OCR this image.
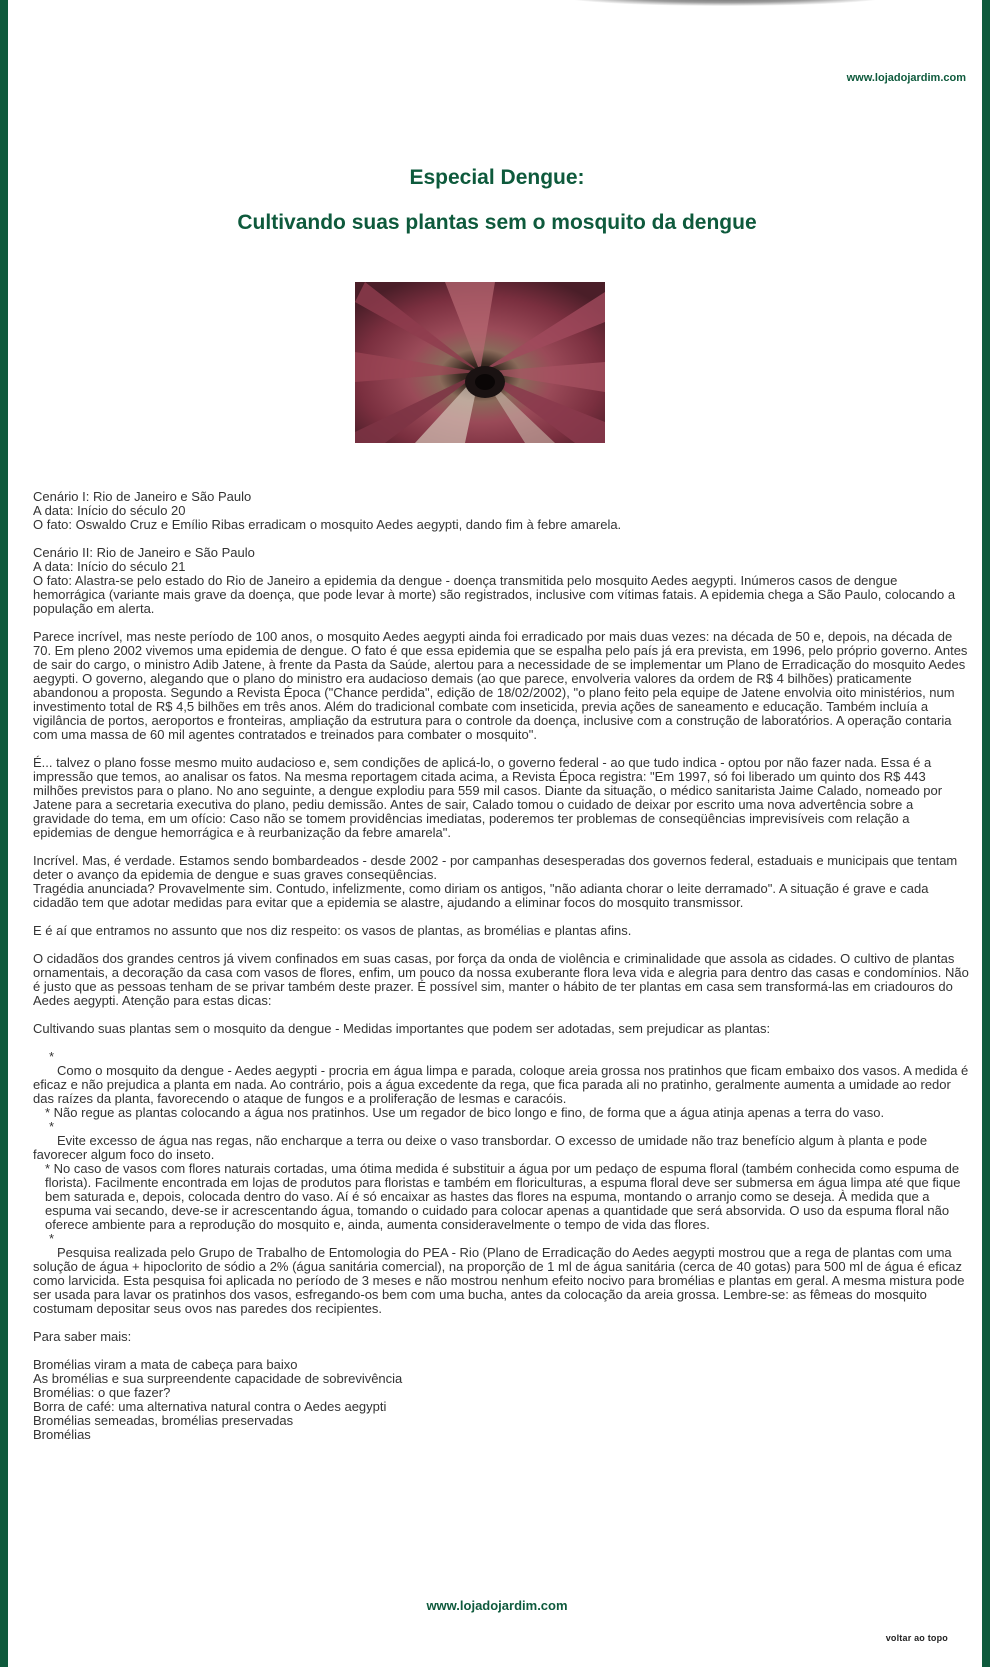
www.lojadojardim.com
Especial Dengue:
Cultivando suas plantas sem o mosquito da dengue

Cenário I: Rio de Janeiro e São Paulo
A data: Início do século 20
O fato: Oswaldo Cruz e Emílio Ribas erradicam o mosquito Aedes aegypti, dando fim à febre amarela.

Cenário II: Rio de Janeiro e São Paulo
A data: Início do século 21
O fato: Alastra-se pelo estado do Rio de Janeiro a epidemia da dengue - doença transmitida pelo mosquito Aedes aegypti. Inúmeros casos de dengue hemorrágica (variante mais grave da doença, que pode levar à morte) são registrados, inclusive com vítimas fatais. A epidemia chega a São Paulo, colocando a população em alerta.

Parece incrível, mas neste período de 100 anos, o mosquito Aedes aegypti ainda foi erradicado por mais duas vezes: na década de 50 e, depois, na década de 70. Em pleno 2002 vivemos uma epidemia de dengue. O fato é que essa epidemia que se espalha pelo país já era prevista, em 1996, pelo próprio governo. Antes de sair do cargo, o ministro Adib Jatene, à frente da Pasta da Saúde, alertou para a necessidade de se implementar um Plano de Erradicação do mosquito Aedes aegypti. O governo, alegando que o plano do ministro era audacioso demais (ao que parece, envolveria valores da ordem de R$ 4 bilhões) praticamente abandonou a proposta. Segundo a Revista Época ("Chance perdida", edição de 18/02/2002), "o plano feito pela equipe de Jatene envolvia oito ministérios, num investimento total de R$ 4,5 bilhões em três anos. Além do tradicional combate com inseticida, previa ações de saneamento e educação. Também incluía a vigilância de portos, aeroportos e fronteiras, ampliação da estrutura para o controle da doença, inclusive com a construção de laboratórios. A operação contaria com uma massa de 60 mil agentes contratados e treinados para combater o mosquito".

É... talvez o plano fosse mesmo muito audacioso e, sem condições de aplicá-lo, o governo federal - ao que tudo indica - optou por não fazer nada. Essa é a impressão que temos, ao analisar os fatos. Na mesma reportagem citada acima, a Revista Época registra: "Em 1997, só foi liberado um quinto dos R$ 443 milhões previstos para o plano. No ano seguinte, a dengue explodiu para 559 mil casos. Diante da situação, o médico sanitarista Jaime Calado, nomeado por Jatene para a secretaria executiva do plano, pediu demissão. Antes de sair, Calado tomou o cuidado de deixar por escrito uma nova advertência sobre a gravidade do tema, em um ofício: Caso não se tomem providências imediatas, poderemos ter problemas de conseqüências imprevisíveis com relação a epidemias de dengue hemorrágica e à reurbanização da febre amarela".

Incrível. Mas, é verdade. Estamos sendo bombardeados - desde 2002 - por campanhas desesperadas dos governos federal, estaduais e municipais que tentam deter o avanço da epidemia de dengue e suas graves conseqüências.
Tragédia anunciada? Provavelmente sim. Contudo, infelizmente, como diriam os antigos, "não adianta chorar o leite derramado". A situação é grave e cada cidadão tem que adotar medidas para evitar que a epidemia se alastre, ajudando a eliminar focos do mosquito transmissor.

E é aí que entramos no assunto que nos diz respeito: os vasos de plantas, as bromélias e plantas afins.

O cidadãos dos grandes centros já vivem confinados em suas casas, por força da onda de violência e criminalidade que assola as cidades. O cultivo de plantas ornamentais, a decoração da casa com vasos de flores, enfim, um pouco da nossa exuberante flora leva vida e alegria para dentro das casas e condomínios. Não é justo que as pessoas tenham de se privar também deste prazer. É possível sim, manter o hábito de ter plantas em casa sem transformá-las em criadouros do Aedes aegypti. Atenção para estas dicas:

Cultivando suas plantas sem o mosquito da dengue - Medidas importantes que podem ser adotadas, sem prejudicar as plantas:

*
Como o mosquito da dengue - Aedes aegypti - procria em água limpa e parada, coloque areia grossa nos pratinhos que ficam embaixo dos vasos. A medida é eficaz e não prejudica a planta em nada. Ao contrário, pois a água excedente da rega, que fica parada ali no pratinho, geralmente aumenta a umidade ao redor das raízes da planta, favorecendo o ataque de fungos e a proliferação de lesmas e caracóis.
* Não regue as plantas colocando a água nos pratinhos. Use um regador de bico longo e fino, de forma que a água atinja apenas a terra do vaso.
*
Evite excesso de água nas regas, não encharque a terra ou deixe o vaso transbordar. O excesso de umidade não traz benefício algum à planta e pode favorecer algum foco do inseto.
* No caso de vasos com flores naturais cortadas, uma ótima medida é substituir a água por um pedaço de espuma floral (também conhecida como espuma de florista). Facilmente encontrada em lojas de produtos para floristas e também em floriculturas, a espuma floral deve ser submersa em água limpa até que fique bem saturada e, depois, colocada dentro do vaso. Aí é só encaixar as hastes das flores na espuma, montando o arranjo como se deseja. À medida que a espuma vai secando, deve-se ir acrescentando água, tomando o cuidado para colocar apenas a quantidade que será absorvida. O uso da espuma floral não oferece ambiente para a reprodução do mosquito e, ainda, aumenta consideravelmente o tempo de vida das flores.
*
Pesquisa realizada pelo Grupo de Trabalho de Entomologia do PEA - Rio (Plano de Erradicação do Aedes aegypti mostrou que a rega de plantas com uma solução de água + hipoclorito de sódio a 2% (água sanitária comercial), na proporção de 1 ml de água sanitária (cerca de 40 gotas) para 500 ml de água é eficaz como larvicida. Esta pesquisa foi aplicada no período de 3 meses e não mostrou nenhum efeito nocivo para bromélias e plantas em geral. A mesma mistura pode ser usada para lavar os pratinhos dos vasos, esfregando-os bem com uma bucha, antes da colocação da areia grossa. Lembre-se: as fêmeas do mosquito costumam depositar seus ovos nas paredes dos recipientes.

Para saber mais:

Bromélias viram a mata de cabeça para baixo
As bromélias e sua surpreendente capacidade de sobrevivência
Bromélias: o que fazer?
Borra de café: uma alternativa natural contra o Aedes aegypti
Bromélias semeadas, bromélias preservadas
Bromélias
www.lojadojardim.com
voltar ao topo
